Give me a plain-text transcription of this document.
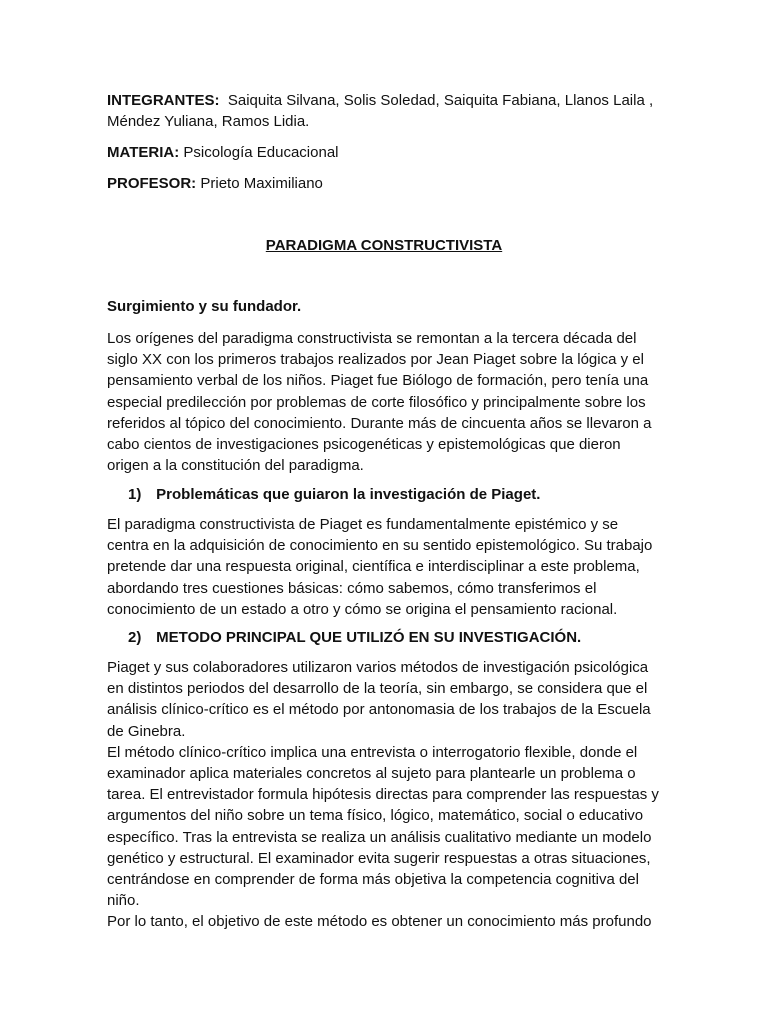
INTEGRANTES: Saiquita Silvana, Solis Soledad, Saiquita Fabiana, Llanos Laila ,
Méndez Yuliana, Ramos Lidia.

MATERIA: Psicología Educacional

PROFESOR: Prieto Maximiliano

PARADIGMA CONSTRUCTIVISTA

Surgimiento y su fundador.

Los orígenes del paradigma constructivista se remontan a la tercera década del
siglo XX con los primeros trabajos realizados por Jean Piaget sobre la lógica y el
pensamiento verbal de los niños. Piaget fue Biólogo de formación, pero tenía una
especial predilección por problemas de corte filosófico y principalmente sobre los
referidos al tópico del conocimiento. Durante más de cincuenta años se llevaron a
cabo cientos de investigaciones psicogenéticas y epistemológicas que dieron
origen a la constitución del paradigma.

1) Problemáticas que guiaron la investigación de Piaget.

El paradigma constructivista de Piaget es fundamentalmente epistémico y se
centra en la adquisición de conocimiento en su sentido epistemológico. Su trabajo
pretende dar una respuesta original, científica e interdisciplinar a este problema,
abordando tres cuestiones básicas: cómo sabemos, cómo transferimos el
conocimiento de un estado a otro y cómo se origina el pensamiento racional.

2) METODO PRINCIPAL QUE UTILIZÓ EN SU INVESTIGACIÓN.

Piaget y sus colaboradores utilizaron varios métodos de investigación psicológica
en distintos periodos del desarrollo de la teoría, sin embargo, se considera que el
análisis clínico-crítico es el método por antonomasia de los trabajos de la Escuela
de Ginebra.
El método clínico-crítico implica una entrevista o interrogatorio flexible, donde el
examinador aplica materiales concretos al sujeto para plantearle un problema o
tarea. El entrevistador formula hipótesis directas para comprender las respuestas y
argumentos del niño sobre un tema físico, lógico, matemático, social o educativo
específico. Tras la entrevista se realiza un análisis cualitativo mediante un modelo
genético y estructural. El examinador evita sugerir respuestas a otras situaciones,
centrándose en comprender de forma más objetiva la competencia cognitiva del
niño.
Por lo tanto, el objetivo de este método es obtener un conocimiento más profundo
